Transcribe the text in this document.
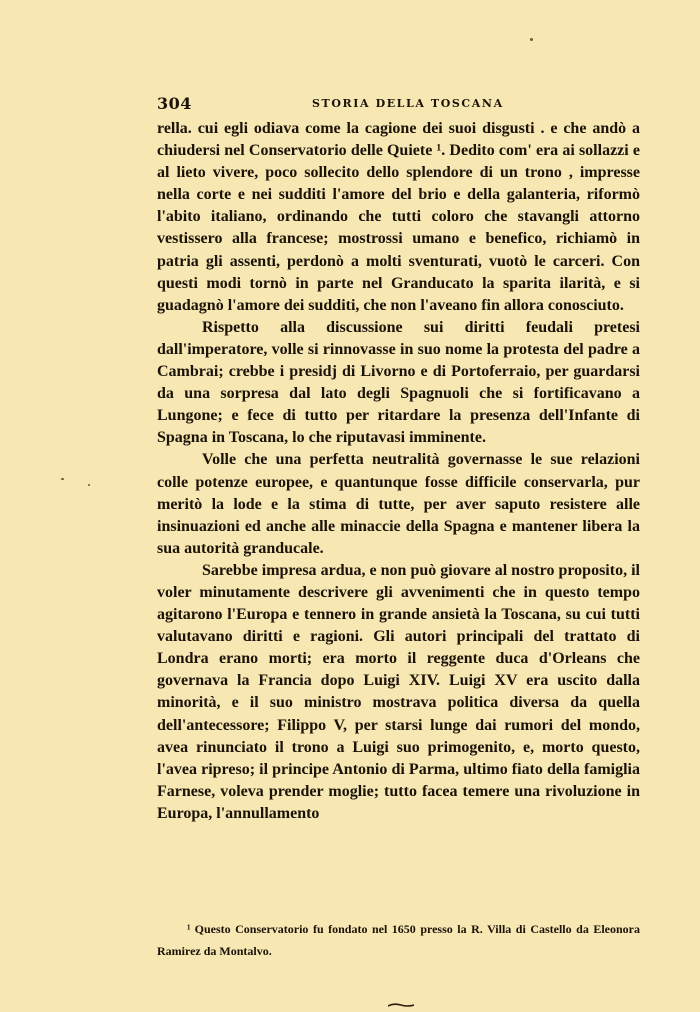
304	STORIA DELLA TOSCANA

rella. cui egli odiava come la cagione dei suoi disgusti . e che andò a chiudersi nel Conservatorio delle Quiete ¹. Dedito com' era ai sollazzi e al lieto vivere, poco sollecito dello splendore di un trono , impresse nella corte e nei sudditi l'amore del brio e della galanteria, riformò l'abito italiano, ordinando che tutti coloro che stavangli attorno vestissero alla francese; mostrossi umano e benefico, richiamò in patria gli assenti, perdonò a molti sventurati, vuotò le carceri. Con questi modi tornò in parte nel Granducato la sparita ilarità, e si guadagnò l'amore dei sudditi, che non l'aveano fin allora conosciuto.

Rispetto alla discussione sui diritti feudali pretesi dall'imperatore, volle si rinnovasse in suo nome la protesta del padre a Cambrai; crebbe i presidj di Livorno e di Portoferraio, per guardarsi da una sorpresa dal lato degli Spagnuoli che si fortificavano a Lungone; e fece di tutto per ritardare la presenza dell'Infante di Spagna in Toscana, lo che riputavasi imminente.

Volle che una perfetta neutralità governasse le sue relazioni colle potenze europee, e quantunque fosse difficile conservarla, pur meritò la lode e la stima di tutte, per aver saputo resistere alle insinuazioni ed anche alle minaccie della Spagna e mantener libera la sua autorità granducale.

Sarebbe impresa ardua, e non può giovare al nostro proposito, il voler minutamente descrivere gli avvenimenti che in questo tempo agitarono l'Europa e tennero in grande ansietà la Toscana, su cui tutti valutavano diritti e ragioni. Gli autori principali del trattato di Londra erano morti; era morto il reggente duca d'Orleans che governava la Francia dopo Luigi XIV. Luigi XV era uscito dalla minorità, e il suo ministro mostrava politica diversa da quella dell'antecessore; Filippo V, per starsi lunge dai rumori del mondo, avea rinunciato il trono a Luigi suo primogenito, e, morto questo, l'avea ripreso; il principe Antonio di Parma, ultimo fiato della famiglia Farnese, voleva prender moglie; tutto facea temere una rivoluzione in Europa, l'annullamento

¹ Questo Conservatorio fu fondato nel 1650 presso la R. Villa di Castello da Eleonora Ramirez da Montalvo.
